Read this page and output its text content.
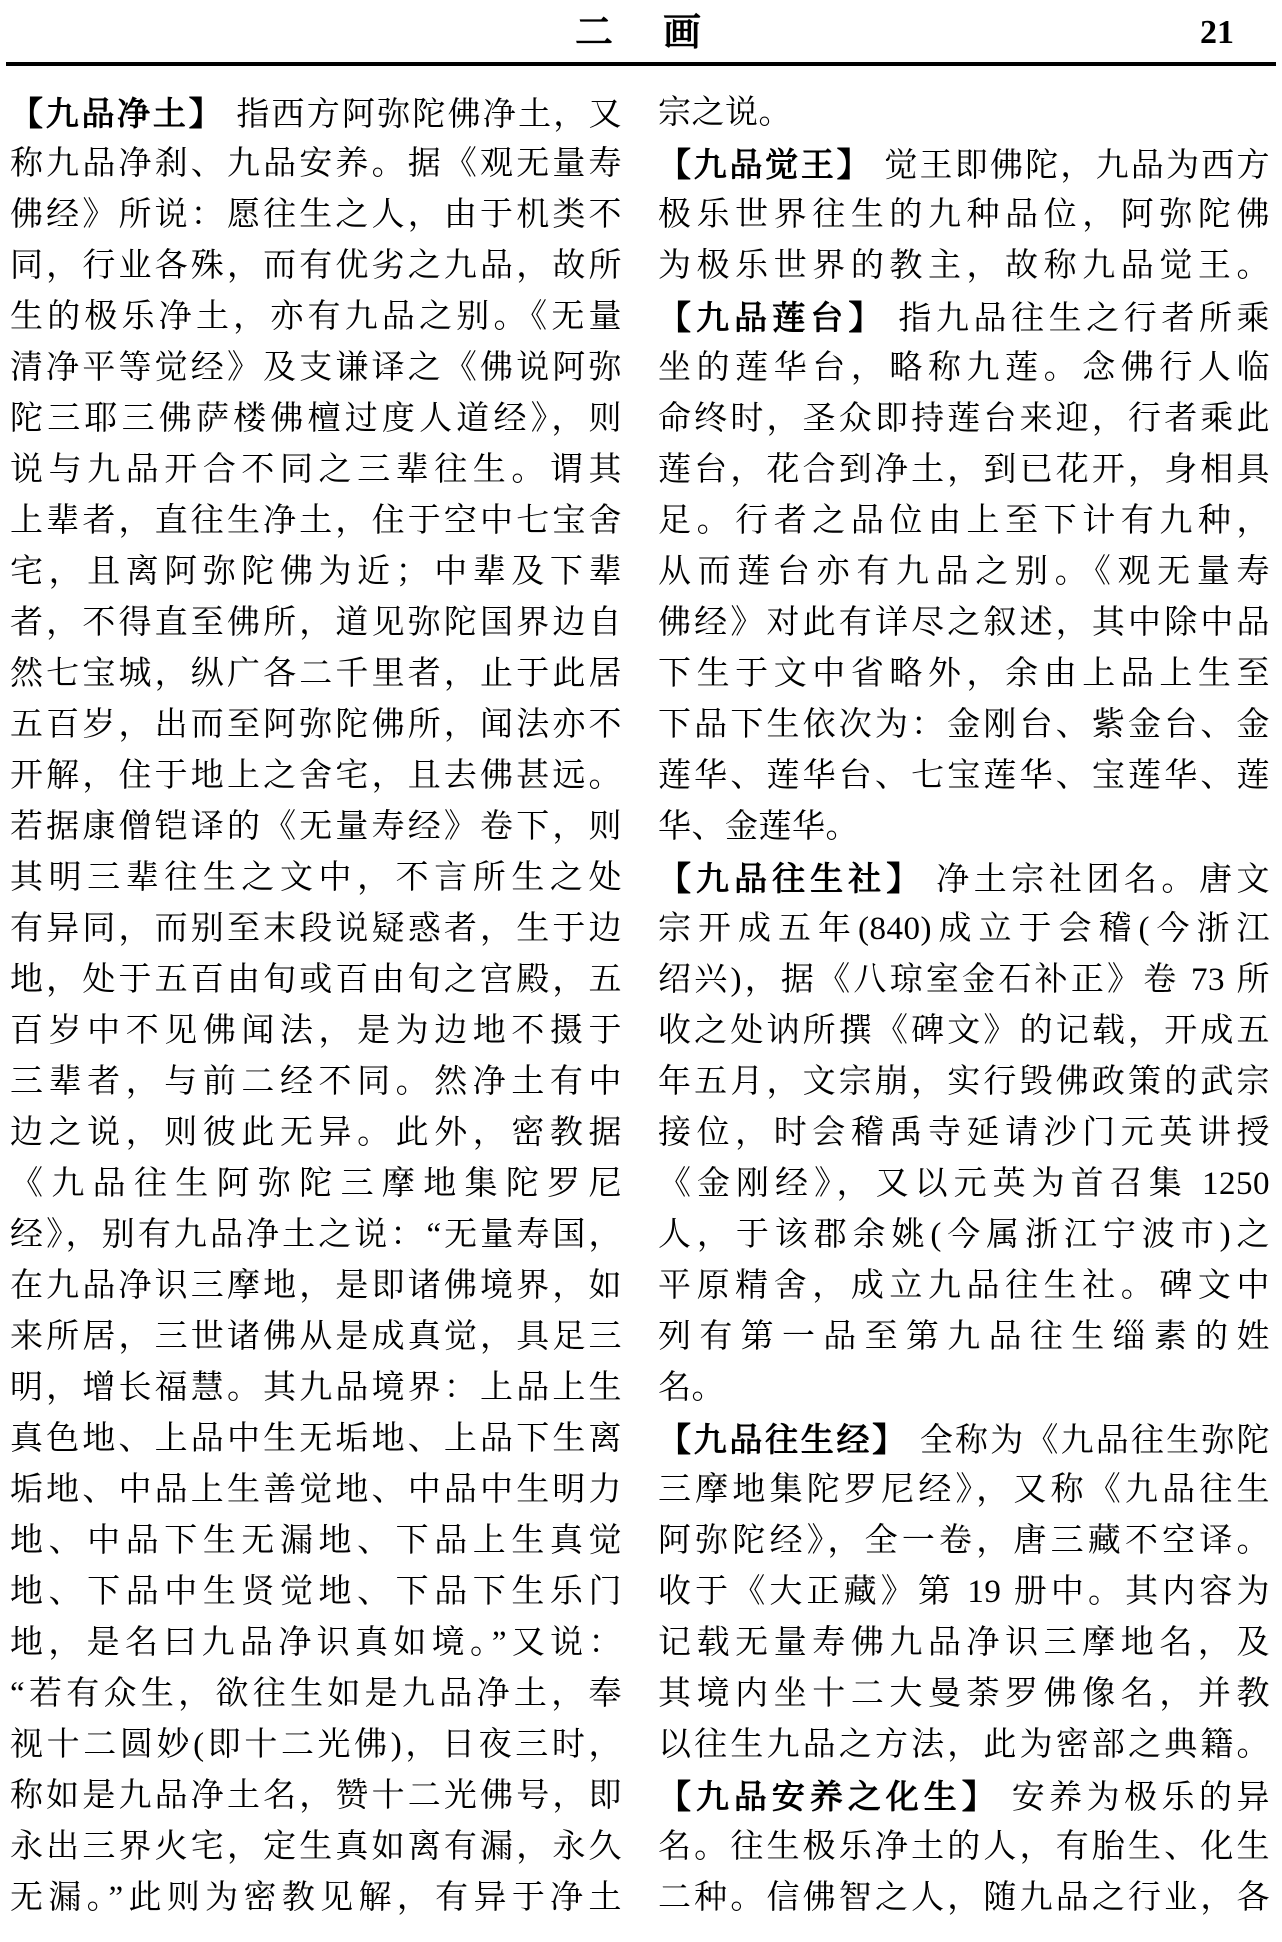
二　画	21
【九品净土】 指西方阿弥陀佛净土，又
称九品净刹、九品安养。据《观无量寿
佛经》所说：愿往生之人，由于机类不
同，行业各殊，而有优劣之九品，故所
生的极乐净土，亦有九品之别。《无量
清净平等觉经》及支谦译之《佛说阿弥
陀三耶三佛萨楼佛檀过度人道经》，则
说与九品开合不同之三辈往生。谓其
上辈者，直往生净土，住于空中七宝舍
宅，且离阿弥陀佛为近；中辈及下辈
者，不得直至佛所，道见弥陀国界边自
然七宝城，纵广各二千里者，止于此居
五百岁，出而至阿弥陀佛所，闻法亦不
开解，住于地上之舍宅，且去佛甚远。
若据康僧铠译的《无量寿经》卷下，则
其明三辈往生之文中，不言所生之处
有异同，而别至末段说疑惑者，生于边
地，处于五百由旬或百由旬之宫殿，五
百岁中不见佛闻法，是为边地不摄于
三辈者，与前二经不同。然净土有中
边之说，则彼此无异。此外，密教据
《九品往生阿弥陀三摩地集陀罗尼
经》，别有九品净土之说：“无量寿国，
在九品净识三摩地，是即诸佛境界，如
来所居，三世诸佛从是成真觉，具足三
明，增长福慧。其九品境界：上品上生
真色地、上品中生无垢地、上品下生离
垢地、中品上生善觉地、中品中生明力
地、中品下生无漏地、下品上生真觉
地、下品中生贤觉地、下品下生乐门
地，是名曰九品净识真如境。”又说：
“若有众生，欲往生如是九品净土，奉
视十二圆妙(即十二光佛)，日夜三时，
称如是九品净土名，赞十二光佛号，即
永出三界火宅，定生真如离有漏，永久
无漏。”此则为密教见解，有异于净土
宗之说。
【九品觉王】 觉王即佛陀，九品为西方
极乐世界往生的九种品位，阿弥陀佛
为极乐世界的教主，故称九品觉王。
【九品莲台】 指九品往生之行者所乘
坐的莲华台，略称九莲。念佛行人临
命终时，圣众即持莲台来迎，行者乘此
莲台，花合到净土，到已花开，身相具
足。行者之品位由上至下计有九种，
从而莲台亦有九品之别。《观无量寿
佛经》对此有详尽之叙述，其中除中品
下生于文中省略外，余由上品上生至
下品下生依次为：金刚台、紫金台、金
莲华、莲华台、七宝莲华、宝莲华、莲
华、金莲华。
【九品往生社】 净土宗社团名。唐文
宗开成五年(840)成立于会稽(今浙江
绍兴)，据《八琼室金石补正》卷 73 所
收之处讷所撰《碑文》的记载，开成五
年五月，文宗崩，实行毁佛政策的武宗
接位，时会稽禹寺延请沙门元英讲授
《金刚经》，又以元英为首召集 1250
人，于该郡余姚(今属浙江宁波市)之
平原精舍，成立九品往生社。碑文中
列有第一品至第九品往生缁素的姓
名。
【九品往生经】 全称为《九品往生弥陀
三摩地集陀罗尼经》，又称《九品往生
阿弥陀经》，全一卷，唐三藏不空译。
收于《大正藏》第 19 册中。其内容为
记载无量寿佛九品净识三摩地名，及
其境内坐十二大曼荼罗佛像名，并教
以往生九品之方法，此为密部之典籍。
【九品安养之化生】 安养为极乐的异
名。往生极乐净土的人，有胎生、化生
二种。信佛智之人，随九品之行业，各
